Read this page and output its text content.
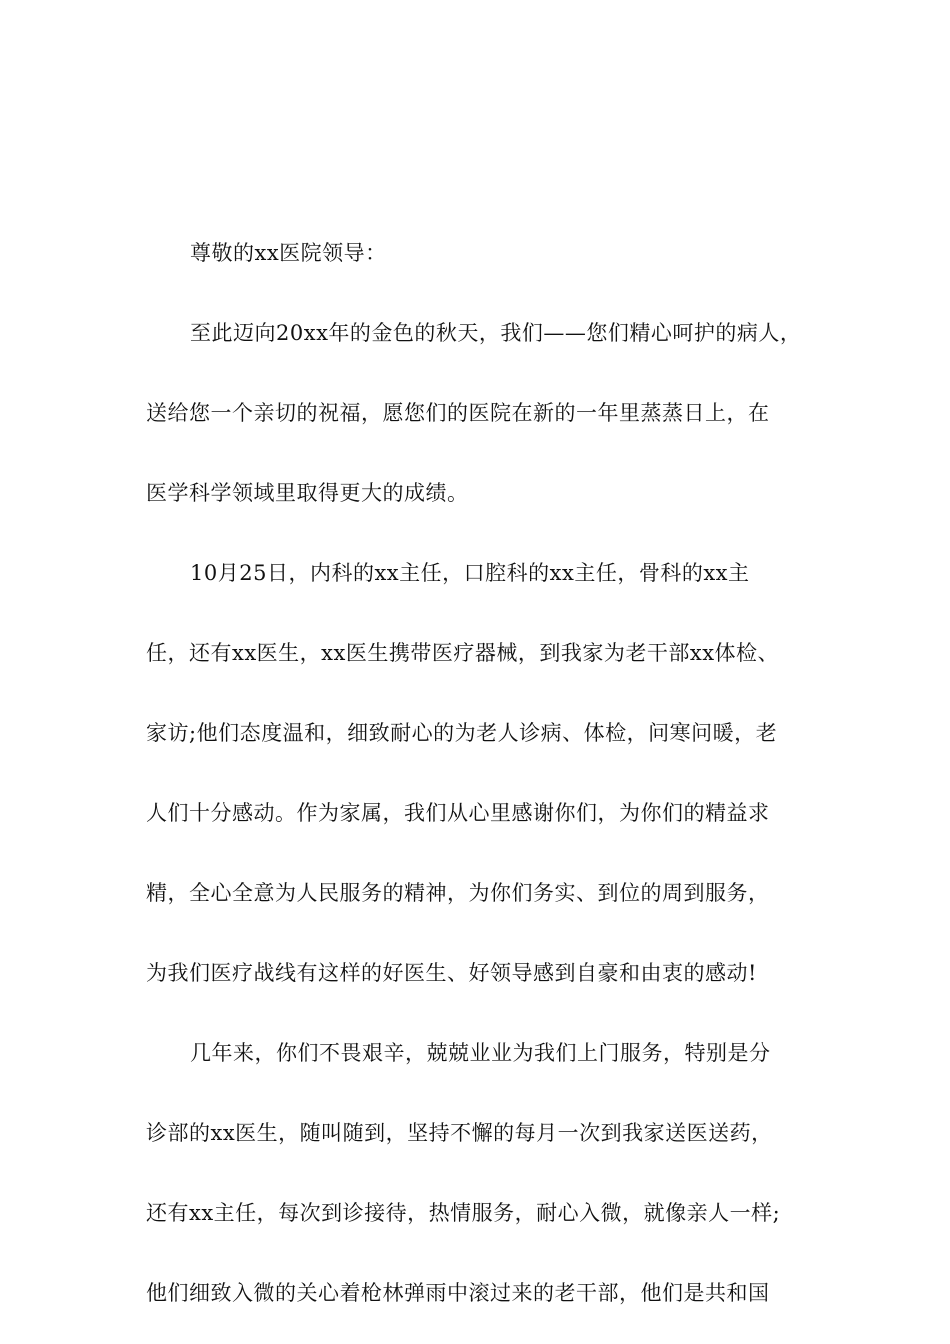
尊敬的xx医院领导：
至此迈向20xx年的金色的秋天，我们——您们精心呵护的病人，
送给您一个亲切的祝福，愿您们的医院在新的一年里蒸蒸日上，在
医学科学领域里取得更大的成绩。
10月25日，内科的xx主任，口腔科的xx主任，骨科的xx主
任，还有xx医生，xx医生携带医疗器械，到我家为老干部xx体检、
家访;他们态度温和，细致耐心的为老人诊病、体检，问寒问暖，老
人们十分感动。作为家属，我们从心里感谢你们，为你们的精益求
精，全心全意为人民服务的精神，为你们务实、到位的周到服务，
为我们医疗战线有这样的好医生、好领导感到自豪和由衷的感动!
几年来，你们不畏艰辛，兢兢业业为我们上门服务，特别是分
诊部的xx医生，随叫随到，坚持不懈的每月一次到我家送医送药，
还有xx主任，每次到诊接待，热情服务，耐心入微，就像亲人一样;
他们细致入微的关心着枪林弹雨中滚过来的老干部，他们是共和国
